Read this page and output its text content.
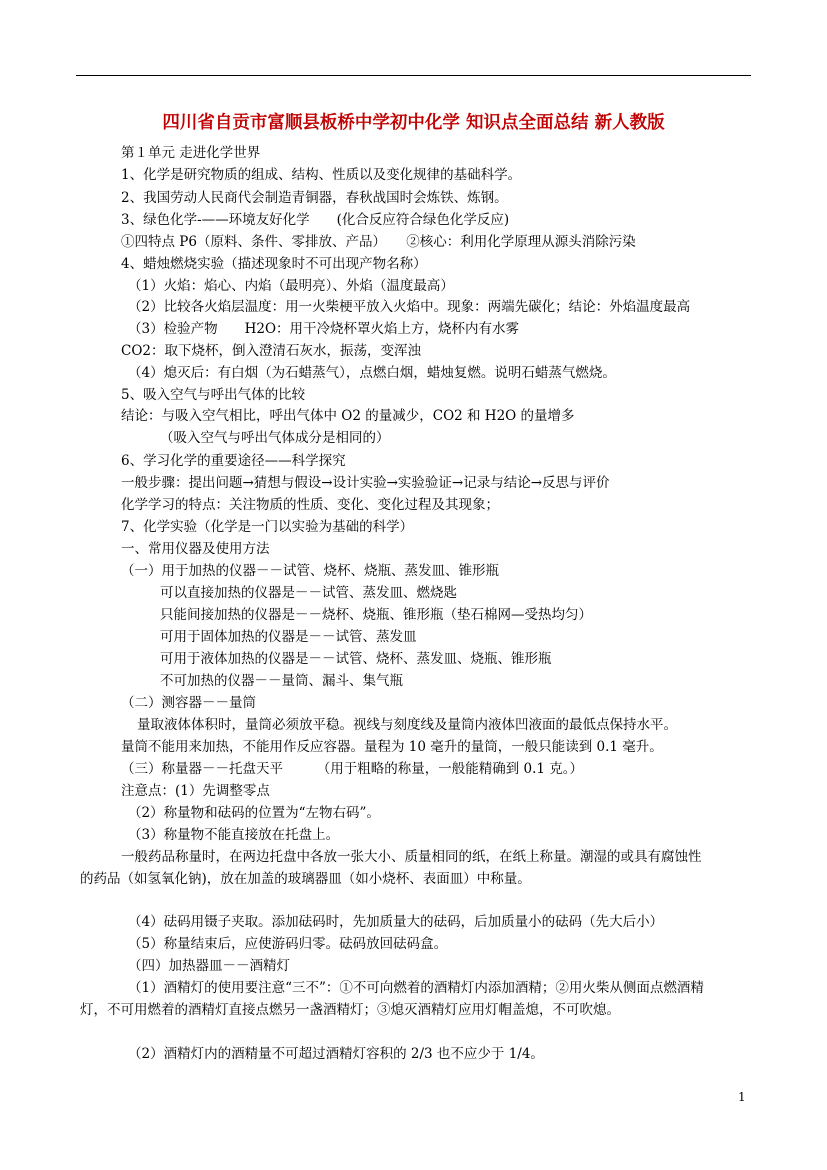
四川省自贡市富顺县板桥中学初中化学 知识点全面总结 新人教版
第１单元 走进化学世界
1、化学是研究物质的组成、结构、性质以及变化规律的基础科学。
2、我国劳动人民商代会制造青铜器，春秋战国时会炼铁、炼钢。
3、绿色化学-——环境友好化学　　(化合反应符合绿色化学反应)
①四特点 P6（原料、条件、零排放、产品）　　②核心：利用化学原理从源头消除污染
4、蜡烛燃烧实验（描述现象时不可出现产物名称）
（1）火焰：焰心、内焰（最明亮）、外焰（温度最高）
（2）比较各火焰层温度：用一火柴梗平放入火焰中。现象：两端先碳化；结论：外焰温度最高
（3）检验产物　　H2O：用干冷烧杯罩火焰上方，烧杯内有水雾
CO2：取下烧杯，倒入澄清石灰水，振荡，变浑浊
（4）熄灭后：有白烟（为石蜡蒸气），点燃白烟，蜡烛复燃。说明石蜡蒸气燃烧。
5、吸入空气与呼出气体的比较
结论：与吸入空气相比，呼出气体中 O2 的量减少，CO2 和 H2O 的量增多
（吸入空气与呼出气体成分是相同的）
6、学习化学的重要途径——科学探究
一般步骤：提出问题→猜想与假设→设计实验→实验验证→记录与结论→反思与评价
化学学习的特点：关注物质的性质、变化、变化过程及其现象；
7、化学实验（化学是一门以实验为基础的科学）
一、常用仪器及使用方法
（一）用于加热的仪器－－试管、烧杯、烧瓶、蒸发皿、锥形瓶
可以直接加热的仪器是－－试管、蒸发皿、燃烧匙
只能间接加热的仪器是－－烧杯、烧瓶、锥形瓶（垫石棉网—受热均匀）
可用于固体加热的仪器是－－试管、蒸发皿
可用于液体加热的仪器是－－试管、烧杯、蒸发皿、烧瓶、锥形瓶
不可加热的仪器－－量筒、漏斗、集气瓶
（二）测容器－－量筒
量取液体体积时，量筒必须放平稳。视线与刻度线及量筒内液体凹液面的最低点保持水平。
量筒不能用来加热，不能用作反应容器。量程为 10 毫升的量筒，一般只能读到 0.1 毫升。
（三）称量器－－托盘天平　　　（用于粗略的称量，一般能精确到 0.1 克。）
注意点：(1）先调整零点
（2）称量物和砝码的位置为“左物右码”。
（3）称量物不能直接放在托盘上。
一般药品称量时，在两边托盘中各放一张大小、质量相同的纸，在纸上称量。潮湿的或具有腐蚀性
的药品（如氢氧化钠)，放在加盖的玻璃器皿（如小烧杯、表面皿）中称量。
（4）砝码用镊子夹取。添加砝码时，先加质量大的砝码，后加质量小的砝码（先大后小）
（5）称量结束后，应使游码归零。砝码放回砝码盒。
（四）加热器皿－－酒精灯
（1）酒精灯的使用要注意“三不”：①不可向燃着的酒精灯内添加酒精；②用火柴从侧面点燃酒精
灯，不可用燃着的酒精灯直接点燃另一盏酒精灯；③熄灭酒精灯应用灯帽盖熄，不可吹熄。
（2）酒精灯内的酒精量不可超过酒精灯容积的 2/3 也不应少于 1/4。
1
